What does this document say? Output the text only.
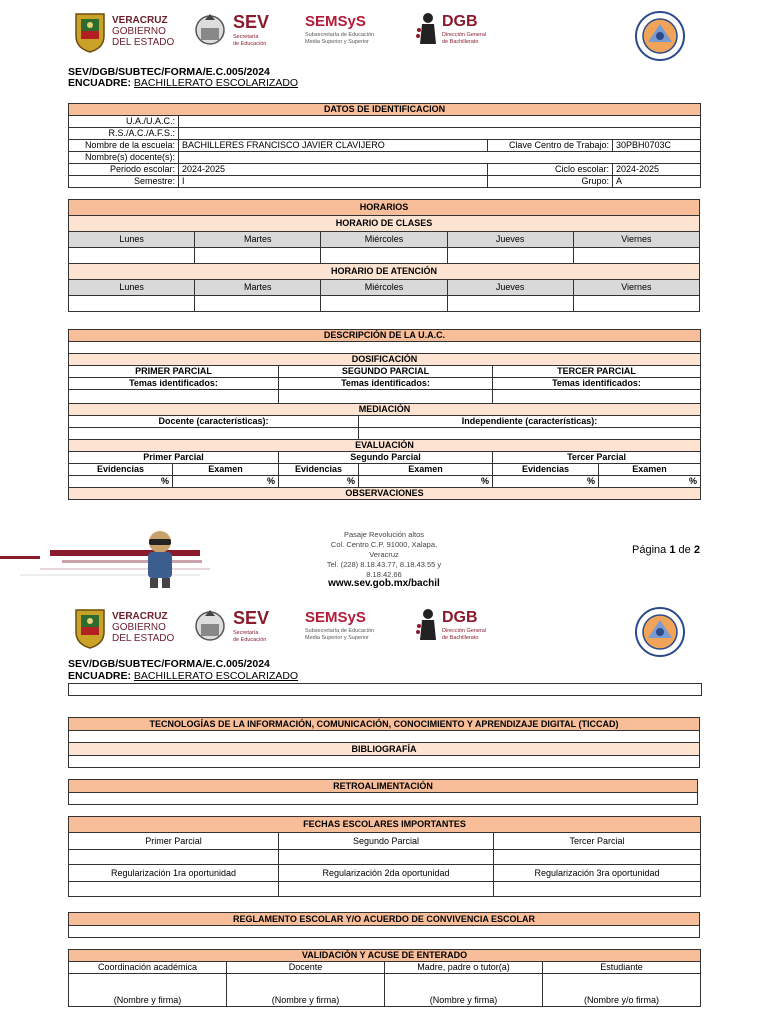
VERACRUZ
GOBIERNO
DEL ESTADO
SEV
Secretaría
de Educación
SEMSyS
Subsecretaría de Educación
Media Superior y Superior
DGB
Dirección General
de Bachillerato
SEV/DGB/SUBTEC/FORMA/E.C.005/2024
ENCUADRE: BACHILLERATO ESCOLARIZADO
DATOS DE IDENTIFICACION			
U.A./U.A.C.:			
R.S./A.C./A.F.S.:			
Nombre de la escuela:	BACHILLERES FRANCISCO JAVIER CLAVIJERO	Clave Centro de Trabajo:	30PBH0703C
Nombre(s) docente(s):			
Periodo escolar:	2024-2025	Ciclo escolar:	2024-2025
Semestre:	I	Grupo:	A
HORARIOS				
HORARIO DE CLASES				
Lunes	Martes	Miércoles	Jueves	Viernes

HORARIO DE ATENCIÓN				
Lunes	Martes	Miércoles	Jueves	Viernes

DESCRIPCIÓN DE LA U.A.C.					

DOSIFICACIÓN					
PRIMER PARCIAL		SEGUNDO PARCIAL		TERCER PARCIAL	
Temas identificados:		Temas identificados:		Temas identificados:	

MEDIACIÓN					
Docente (características):			Independiente (características):		

EVALUACIÓN					
Primer Parcial		Segundo Parcial		Tercer Parcial	
Evidencias	Examen	Evidencias	Examen	Evidencias	Examen
%	%	%	%	%	%
OBSERVACIONES					
Pasaje Revolución altos
Col. Centro C.P. 91000, Xalapa,
Veracruz
Tel. (228) 8.18.43.77, 8.18.43.55 y
8.18.42.66
www.sev.gob.mx/bachil
Página 1 de 2
VERACRUZ
GOBIERNO
DEL ESTADO
SEV
Secretaría
de Educación
SEMSyS
Subsecretaría de Educación
Media Superior y Superior
DGB
Dirección General
de Bachillerato
SEV/DGB/SUBTEC/FORMA/E.C.005/2024
ENCUADRE: BACHILLERATO ESCOLARIZADO
TECNOLOGÍAS DE LA INFORMACIÓN, COMUNICACIÓN, CONOCIMIENTO Y APRENDIZAJE DIGITAL (TICCAD)

BIBLIOGRAFÍA

RETROALIMENTACIÓN

FECHAS ESCOLARES IMPORTANTES		
Primer Parcial	Segundo Parcial	Tercer Parcial

Regularización 1ra oportunidad	Regularización 2da oportunidad	Regularización 3ra oportunidad

REGLAMENTO ESCOLAR Y/O ACUERDO DE CONVIVENCIA ESCOLAR

VALIDACIÓN Y ACUSE DE ENTERADO			
Coordinación académica	Docente	Madre, padre o tutor(a)	Estudiante
(Nombre y firma)	(Nombre y firma)	(Nombre y firma)	(Nombre y/o firma)
